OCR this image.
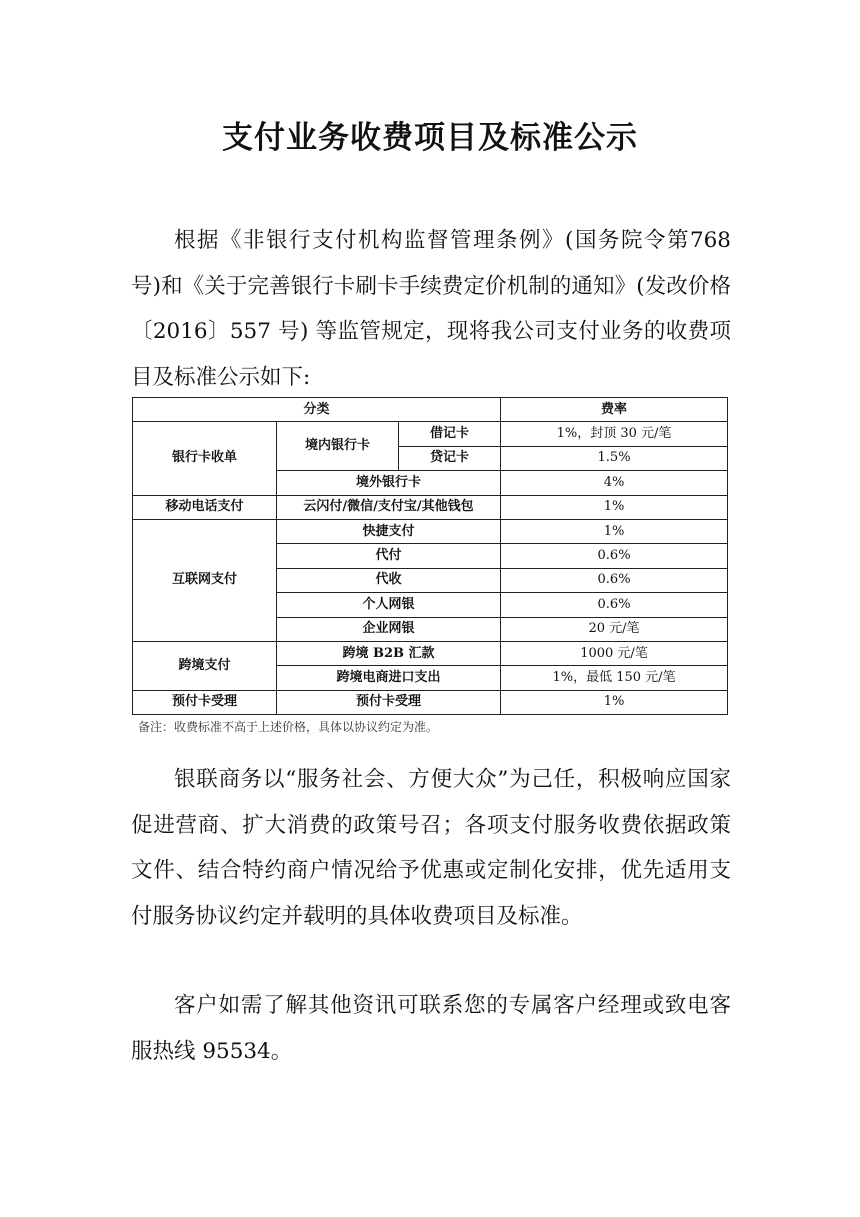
支付业务收费项目及标准公示

根据《非银行支付机构监督管理条例》(国务院令第768 号)和《关于完善银行卡刷卡手续费定价机制的通知》(发改价格 〔2016〕557 号) 等监管规定，现将我公司支付业务的收费项目及标准公示如下:

分类			费率
银行卡收单	境内银行卡	借记卡	1%，封顶 30 元/笔
		贷记卡	1.5%
	境外银行卡		4%
移动电话支付	云闪付/微信/支付宝/其他钱包		1%
互联网支付	快捷支付		1%
	代付		0.6%
	代收		0.6%
	个人网银		0.6%
	企业网银		20 元/笔
跨境支付	跨境 B2B 汇款		1000 元/笔
	跨境电商进口支出		1%，最低 150 元/笔
预付卡受理	预付卡受理		1%

备注：收费标准不高于上述价格，具体以协议约定为准。

银联商务以“服务社会、方便大众”为己任，积极响应国家促进营商、扩大消费的政策号召；各项支付服务收费依据政策文件、结合特约商户情况给予优惠或定制化安排，优先适用支付服务协议约定并载明的具体收费项目及标准。

客户如需了解其他资讯可联系您的专属客户经理或致电客服热线 95534。
